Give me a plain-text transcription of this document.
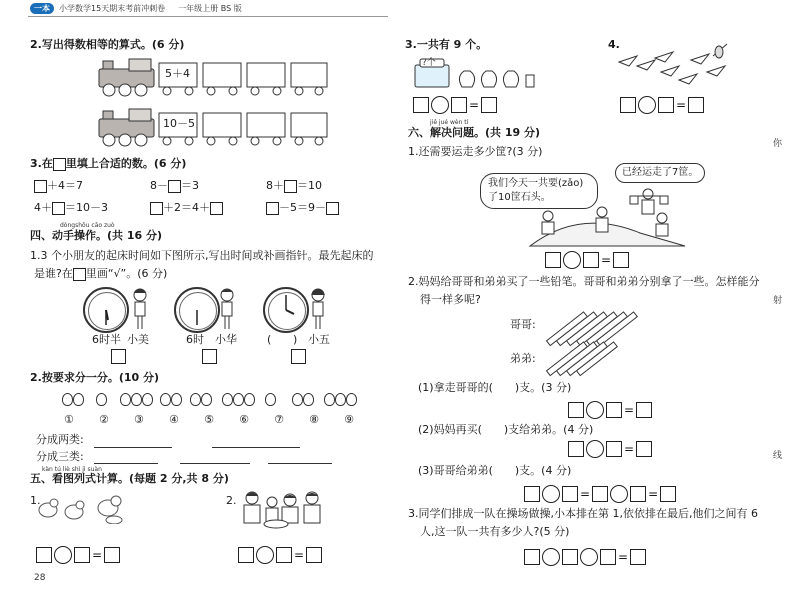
一本	小学数学15天期末考前冲刺卷 一年级上册 BS 版
2.写出得数相等的算式。(6 分)
5＋4
10－5
3.在 里填上合适的数。(6 分)
＋4＝7	8－ ＝3	8＋ ＝10
4＋ ＝10－3	＋2＝4＋	－5＝9－
dòngshǒu cāo zuò
四、动手操作。(共 16 分)
1.3 个小朋友的起床时间如下图所示,写出时间或补画指针。最先起床的
是谁?在 里画“√”。(6 分)
6时半 小美	6时 小华	( ) 小五
2.按要求分一分。(10 分)
① ② ③ ④ ⑤ ⑥ ⑦ ⑧ ⑨
分成两类:
kàn tú liè shì jì suàn
分成三类:
五、看图列式计算。(每题 2 分,共 8 分)
1.	2.
=	=
28
3.一共有 9 个。
?个
=
4.
=
jiě jué wèn tí
六、解决问题。(共 19 分)
1.还需要运走多少筐?(3 分)
我们今天一共要(zǎo)
了10筐石头。
已经运走了7筐。
=
2.妈妈给哥哥和弟弟买了一些铅笔。哥哥和弟弟分别拿了一些。怎样能分
得一样多呢?
哥哥:
弟弟:
(1)拿走哥哥的(　　)支。(3 分)
=
(2)妈妈再买(　　)支给弟弟。(4 分)
=
(3)哥哥给弟弟(　　)支。(4 分)
=	=
3.同学们排成一队在操场做操,小本排在第 1,依依排在最后,他们之间有 6
人,这一队一共有多少人?(5 分)
=
你
射
线
